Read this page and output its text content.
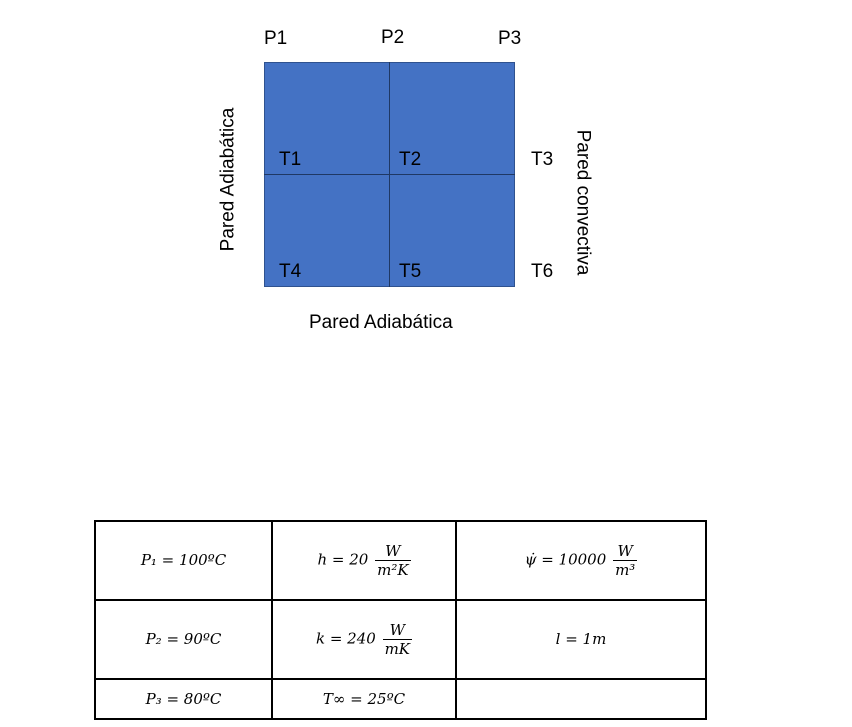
P1	P2	P3
T1	T2	T3
T4	T5	T6
Pared Adiabática	Pared convectiva
Pared Adiabática
P₁ = 100ºC	$h = 20 \frac{W}{\text{m²K}}$	ψ̇ = $10000 \frac{W}{\text{m³}}$

P₂ = 90ºC	$k = 240 \frac{W}{mK}$	l = 1m
P₃ = 80ºC	T∞ = 25ºC	
